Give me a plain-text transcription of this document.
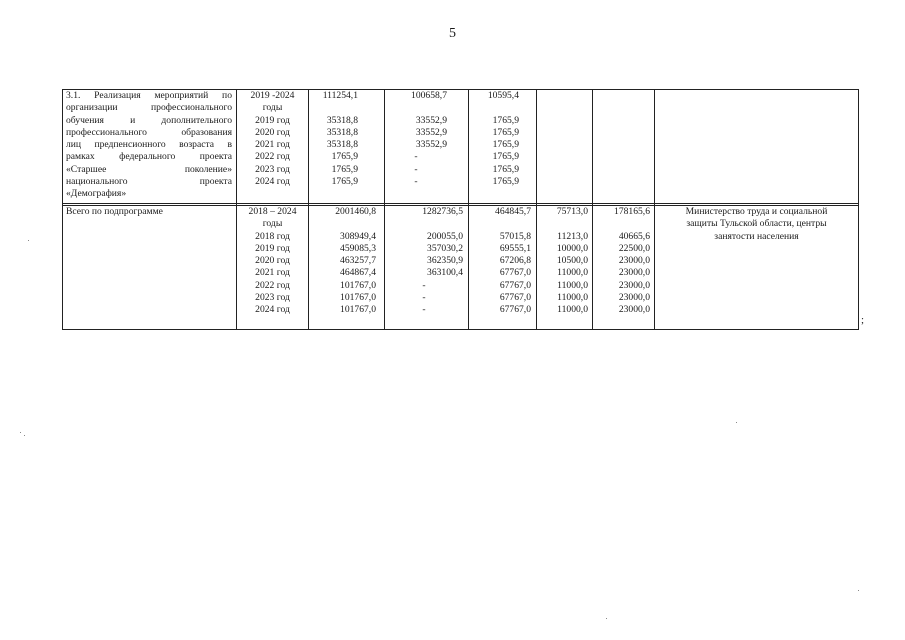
5
3.1. Реализация мероприятий по
организации профессионального
обучения и дополнительного
профессионального образования
лиц предпенсионного возраста в
рамках федерального проекта
«Старшее поколение»
национального проекта
«Демография»
2019 -2024
годы
2019 год
2020 год
2021 год
2022 год
2023 год
2024 год
111254,1
35318,8
35318,8
35318,8
1765,9
1765,9
1765,9
100658,7
33552,9
33552,9
33552,9
-
-
-
10595,4
1765,9
1765,9
1765,9
1765,9
1765,9
1765,9
Всего по подпрограмме	2018 – 2024
годы
2018 год
2019 год
2020 год
2021 год
2022 год
2023 год
2024 год
2001460,8
308949,4
459085,3
463257,7
464867,4
101767,0
101767,0
101767,0
1282736,5
200055,0
357030,2
362350,9
363100,4
-
-
-
464845,7
57015,8
69555,1
67206,8
67767,0
67767,0
67767,0
67767,0
75713,0
11213,0
10000,0
10500,0
11000,0
11000,0
11000,0
11000,0
178165,6
40665,6
22500,0
23000,0
23000,0
23000,0
23000,0
23000,0
Министерство труда и социальной
защиты Тульской области, центры
занятости населения
;
